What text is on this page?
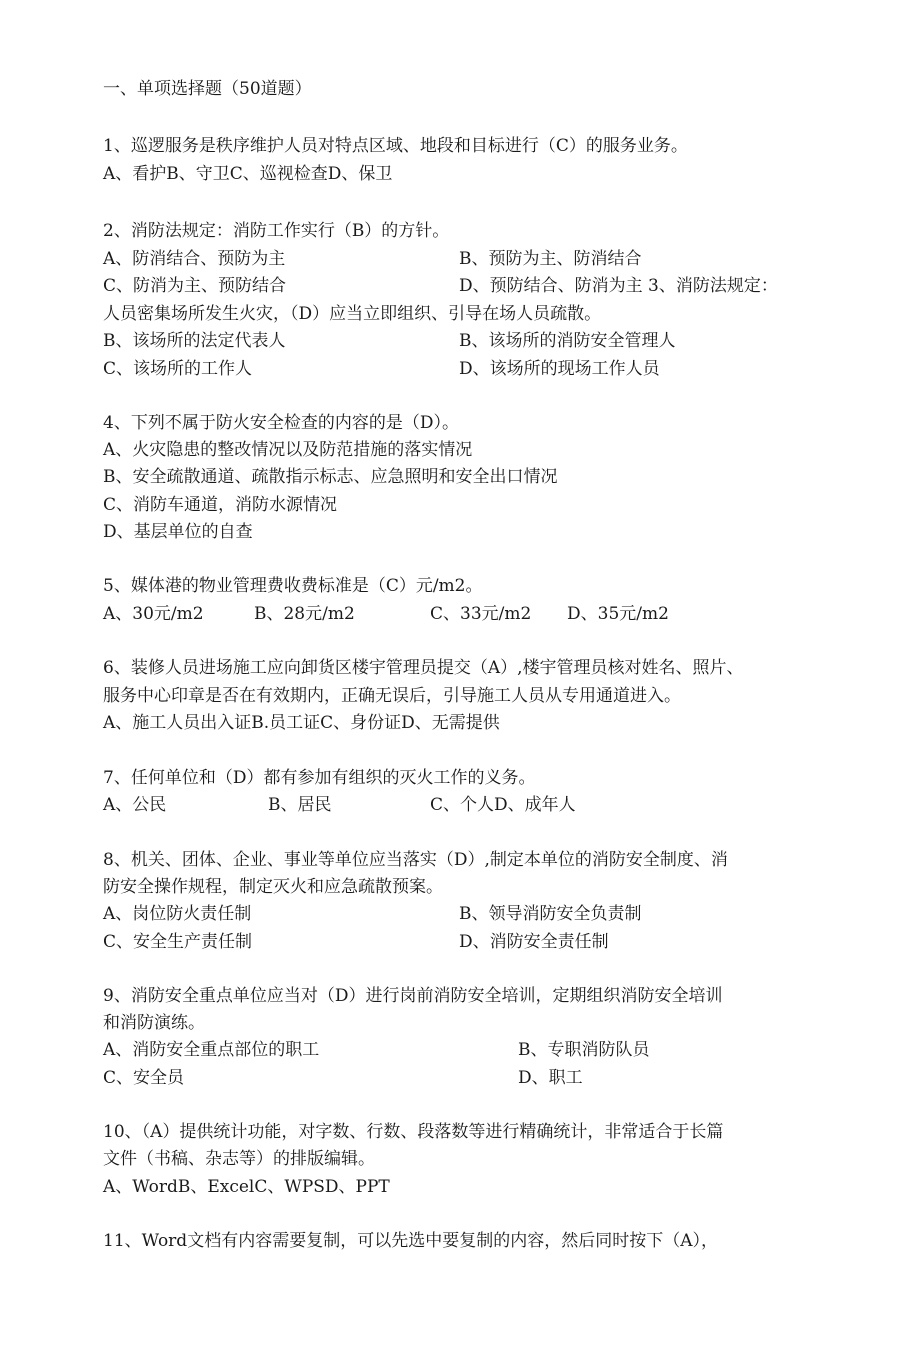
一、单项选择题（50道题）
1、巡逻服务是秩序维护人员对特点区域、地段和目标进行（C）的服务业务。
A、看护B、守卫C、巡视检查D、保卫
2、消防法规定：消防工作实行（B）的方针。
A、防消结合、预防为主	B、预防为主、防消结合
C、防消为主、预防结合	D、预防结合、防消为主 3、消防法规定：
人员密集场所发生火灾，（D）应当立即组织、引导在场人员疏散。
B、该场所的法定代表人	B、该场所的消防安全管理人
C、该场所的工作人	D、该场所的现场工作人员
4、下列不属于防火安全检查的内容的是（D）。
A、火灾隐患的整改情况以及防范措施的落实情况
B、安全疏散通道、疏散指示标志、应急照明和安全出口情况
C、消防车通道，消防水源情况
D、基层单位的自查
5、媒体港的物业管理费收费标准是（C）元/m2。
A、30元/m2	B、28元/m2	C、33元/m2 D、35元/m2
6、装修人员进场施工应向卸货区楼宇管理员提交（A）,楼宇管理员核对姓名、照片、
服务中心印章是否在有效期内，正确无误后，引导施工人员从专用通道进入。
A、施工人员出入证B.员工证C、身份证D、无需提供
7、任何单位和（D）都有参加有组织的灭火工作的义务。
A、公民	B、居民	C、个人D、成年人
8、机关、团体、企业、事业等单位应当落实（D）,制定本单位的消防安全制度、消
防安全操作规程，制定灭火和应急疏散预案。
A、岗位防火责任制	B、领导消防安全负责制
C、安全生产责任制	D、消防安全责任制
9、消防安全重点单位应当对（D）进行岗前消防安全培训，定期组织消防安全培训
和消防演练。
A、消防安全重点部位的职工	B、专职消防队员
C、安全员	D、职工
10、（A）提供统计功能，对字数、行数、段落数等进行精确统计，非常适合于长篇
文件（书稿、杂志等）的排版编辑。
A、WordB、ExcelC、WPSD、PPT
11、Word文档有内容需要复制，可以先选中要复制的内容，然后同时按下（A），
